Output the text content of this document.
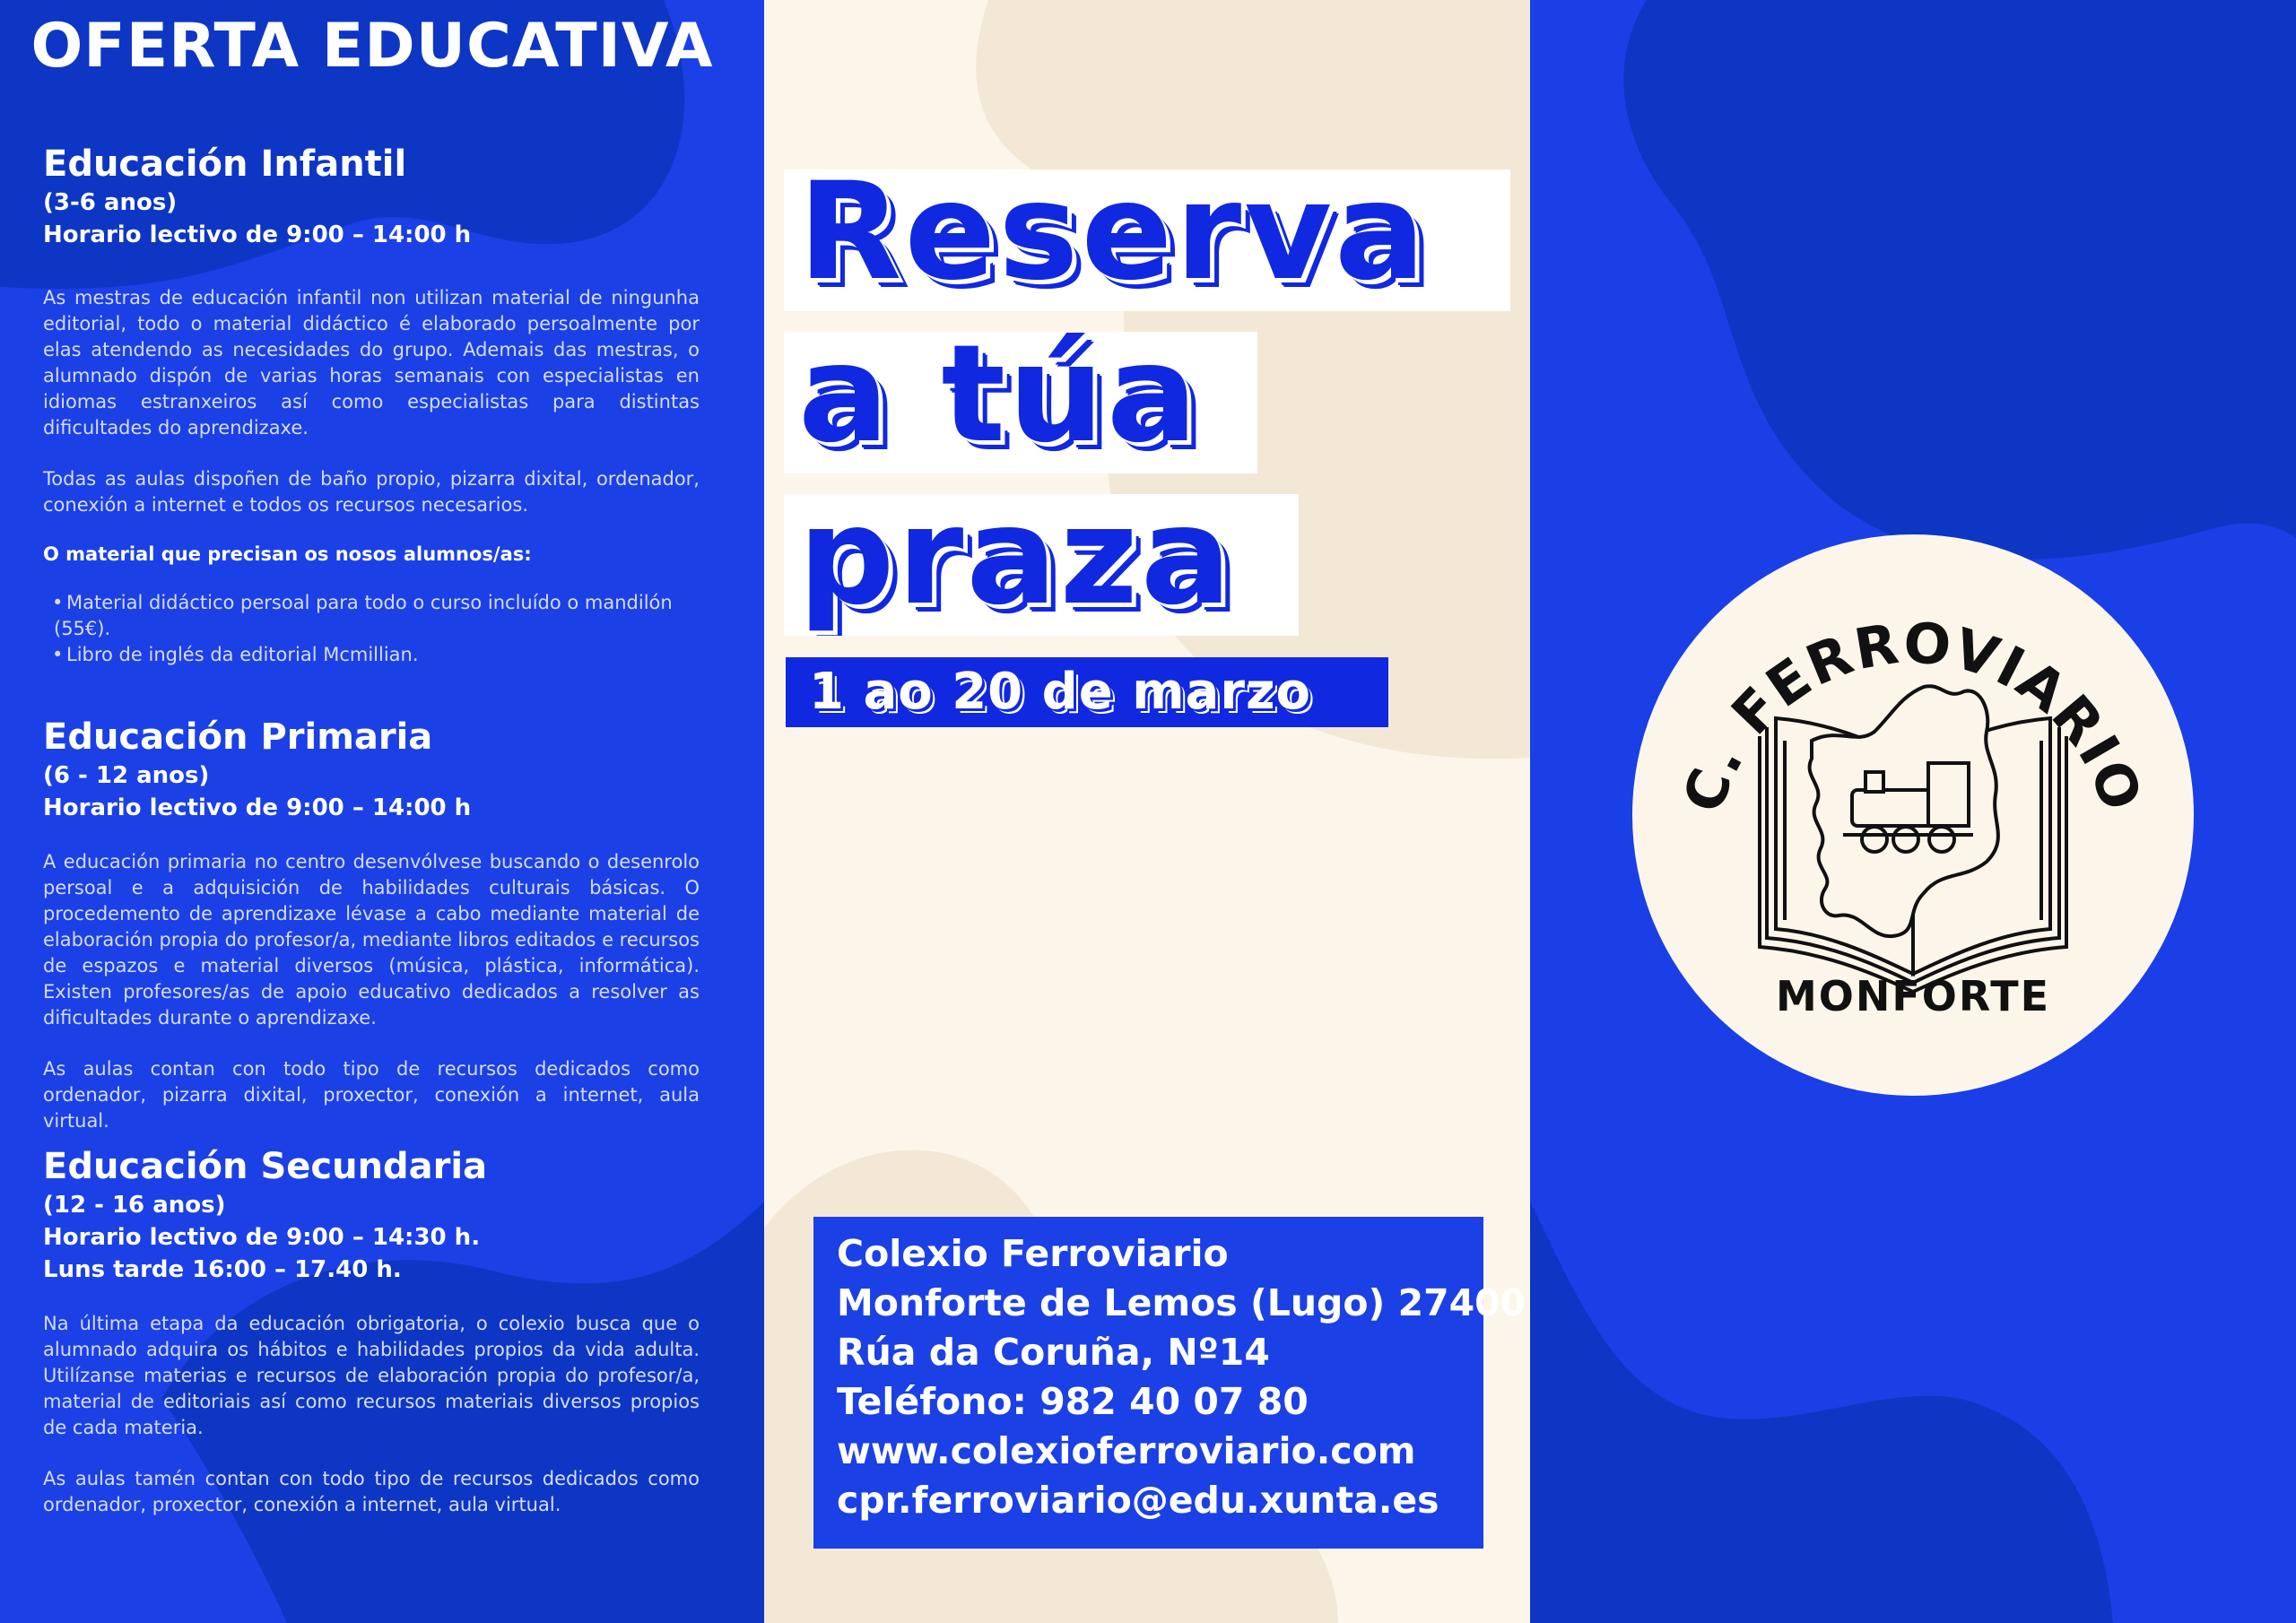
OFERTA EDUCATIVA
Educación Infantil
(3-6 anos)
Horario lectivo de 9:00 – 14:00 h

As mestras de educación infantil non utilizan material de ningunha editorial, todo o material didáctico é elaborado persoalmente por elas atendendo as necesidades do grupo. Ademais das mestras, o alumnado dispón de varias horas semanais con especialistas en idiomas estranxeiros así como especialistas para distintas dificultades do aprendizaxe.

Todas as aulas dispoñen de baño propio, pizarra dixital, ordenador, conexión a internet e todos os recursos necesarios.

O material que precisan os nosos alumnos/as:
• Material didáctico persoal para todo o curso incluído o mandilón (55€).
• Libro de inglés da editorial Mcmillian.
Educación Primaria
(6 - 12 anos)
Horario lectivo de 9:00 – 14:00 h

A educación primaria no centro desenvólvese buscando o desenrolo persoal e a adquisición de habilidades culturais básicas. O procedemento de aprendizaxe lévase a cabo mediante material de elaboración propia do profesor/a, mediante libros editados e recursos de espazos e material diversos (música, plástica, informática). Existen profesores/as de apoio educativo dedicados a resolver as dificultades durante o aprendizaxe.

As aulas contan con todo tipo de recursos dedicados como ordenador, pizarra dixital, proxector, conexión a internet, aula virtual.

Educación Secundaria
(12 - 16 anos)
Horario lectivo de 9:00 – 14:30 h.
Luns tarde 16:00 – 17.40 h.

Na última etapa da educación obrigatoria, o colexio busca que o alumnado adquira os hábitos e habilidades propios da vida adulta. Utilízanse materias e recursos de elaboración propia do profesor/a, material de editoriais así como recursos materiais diversos propios de cada materia.

As aulas tamén contan con todo tipo de recursos dedicados como ordenador, proxector, conexión a internet, aula virtual.

Reserva
a túa
praza
1 ao 20 de marzo
Colexio Ferroviario
Monforte de Lemos (Lugo) 27400
Rúa da Coruña, Nº14
Teléfono: 982 40 07 80
www.colexioferroviario.com
cpr.ferroviario@edu.xunta.es
C. FERROVIARIO
MONFORTE
